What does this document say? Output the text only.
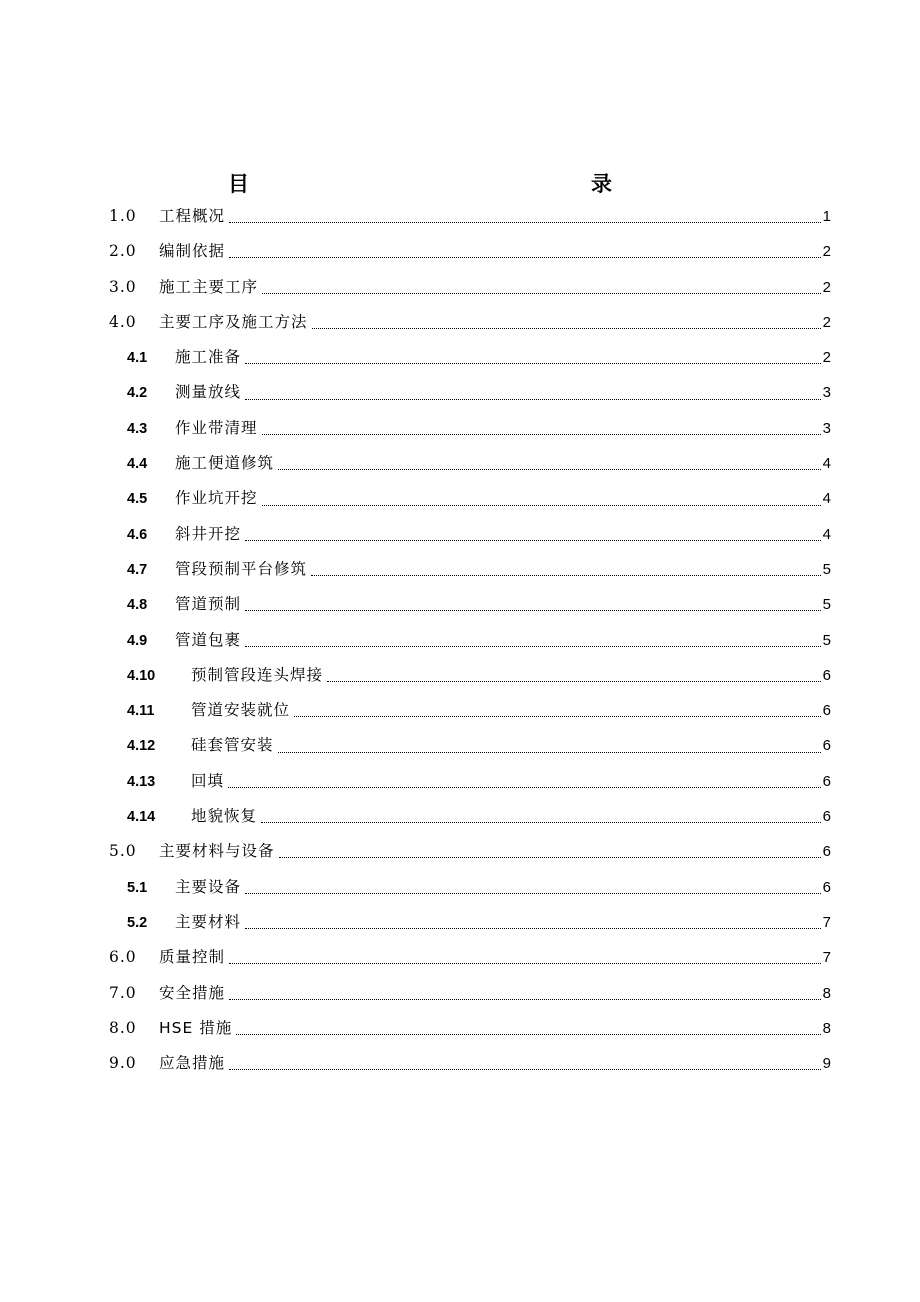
目　　录
1.0	工程概况	1
2.0	编制依据	2
3.0	施工主要工序	2
4.0	主要工序及施工方法	2
4.1	施工准备	2
4.2	测量放线	3
4.3	作业带清理	3
4.4	施工便道修筑	4
4.5	作业坑开挖	4
4.6	斜井开挖	4
4.7	管段预制平台修筑	5
4.8	管道预制	5
4.9	管道包裹	5
4.10	预制管段连头焊接	6
4.11	管道安装就位	6
4.12	硅套管安装	6
4.13	回填	6
4.14	地貌恢复	6
5.0	主要材料与设备	6
5.1	主要设备	6
5.2	主要材料	7
6.0	质量控制	7
7.0	安全措施	8
8.0	HSE 措施	8
9.0	应急措施	9
